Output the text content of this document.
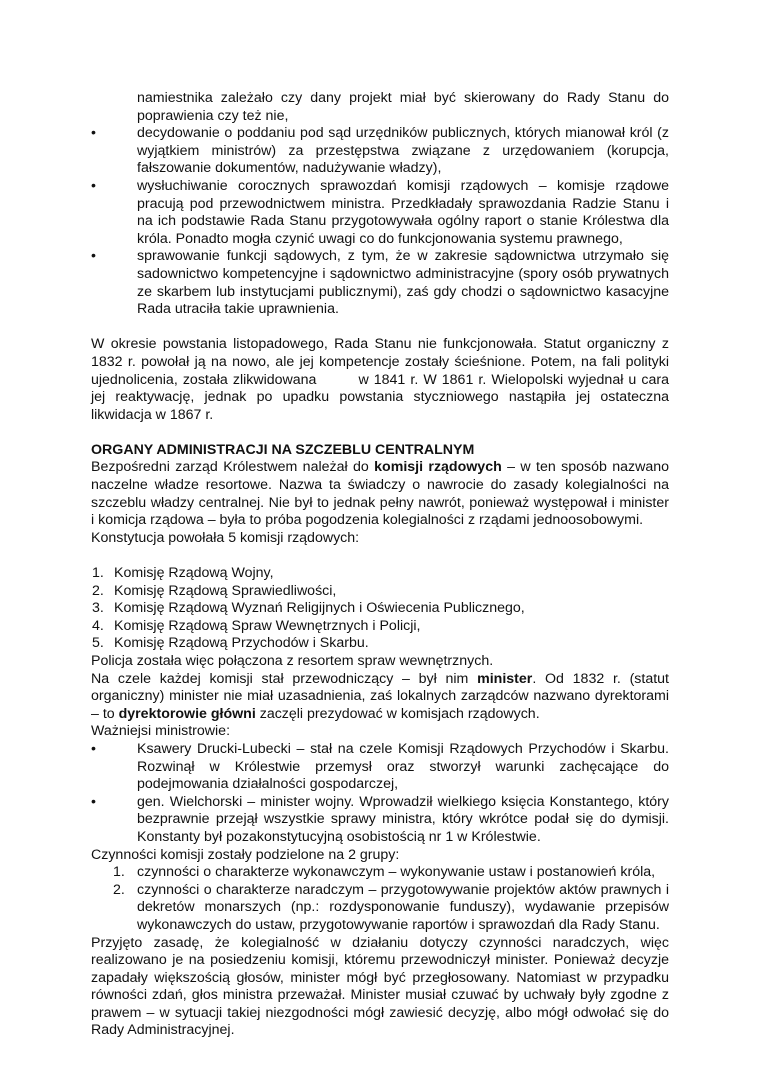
namiestnika zależało czy dany projekt miał być skierowany do Rady Stanu do poprawienia czy też nie,
•	decydowanie o poddaniu pod sąd urzędników publicznych, których mianował król (z wyjątkiem ministrów) za przestępstwa związane z urzędowaniem (korupcja, fałszowanie dokumentów, nadużywanie władzy),
•	wysłuchiwanie corocznych sprawozdań komisji rządowych – komisje rządowe pracują pod przewodnictwem ministra. Przedkładały sprawozdania Radzie Stanu i na ich podstawie Rada Stanu przygotowywała ogólny raport o stanie Królestwa dla króla. Ponadto mogła czynić uwagi co do funkcjonowania systemu prawnego,
•	sprawowanie funkcji sądowych, z tym, że w zakresie sądownictwa utrzymało się sadownictwo kompetencyjne i sądownictwo administracyjne (spory osób prywatnych ze skarbem lub instytucjami publicznymi), zaś gdy chodzi o sądownictwo kasacyjne Rada utraciła takie uprawnienia.

W okresie powstania listopadowego, Rada Stanu nie funkcjonowała. Statut organiczny z 1832 r. powołał ją na nowo, ale jej kompetencje zostały ścieśnione. Potem, na fali polityki ujednolicenia, została zlikwidowana	w 1841 r. W 1861 r. Wielopolski wyjednał u cara jej reaktywację, jednak po upadku powstania styczniowego nastąpiła jej ostateczna likwidacja w 1867 r.

ORGANY ADMINISTRACJI NA SZCZEBLU CENTRALNYM

Bezpośredni zarząd Królestwem należał do komisji rządowych – w ten sposób nazwano naczelne władze resortowe. Nazwa ta świadczy o nawrocie do zasady kolegialności na szczeblu władzy centralnej. Nie był to jednak pełny nawrót, ponieważ występował i minister i komicja rządowa – była to próba pogodzenia kolegialności z rządami jednoosobowymi.

Konstytucja powołała 5 komisji rządowych:

1. Komisję Rządową Wojny,
2. Komisję Rządową Sprawiedliwości,
3. Komisję Rządową Wyznań Religijnych i Oświecenia Publicznego,
4. Komisję Rządową Spraw Wewnętrznych i Policji,
5. Komisję Rządową Przychodów i Skarbu.

Policja została więc połączona z resortem spraw wewnętrznych.

Na czele każdej komisji stał przewodniczący – był nim minister. Od 1832 r. (statut organiczny) minister nie miał uzasadnienia, zaś lokalnych zarządców nazwano dyrektorami – to dyrektorowie główni zaczęli prezydować w komisjach rządowych.

Ważniejsi ministrowie:

•	Ksawery Drucki-Lubecki – stał na czele Komisji Rządowych Przychodów i Skarbu. Rozwinął w Królestwie przemysł oraz stworzył warunki zachęcające do podejmowania działalności gospodarczej,
•	gen. Wielchorski – minister wojny. Wprowadził wielkiego księcia Konstantego, który bezprawnie przejął wszystkie sprawy ministra, który wkrótce podał się do dymisji. Konstanty był pozakonstytucyjną osobistością nr 1 w Królestwie.

Czynności komisji zostały podzielone na 2 grupy:

1. czynności o charakterze wykonawczym – wykonywanie ustaw i postanowień króla,
2. czynności o charakterze naradczym – przygotowywanie projektów aktów prawnych i dekretów monarszych (np.: rozdysponowanie funduszy), wydawanie przepisów wykonawczych do ustaw, przygotowywanie raportów i sprawozdań dla Rady Stanu.

Przyjęto zasadę, że kolegialność w działaniu dotyczy czynności naradczych, więc realizowano je na posiedzeniu komisji, któremu przewodniczył minister. Ponieważ decyzje zapadały większością głosów, minister mógł być przegłosowany. Natomiast w przypadku równości zdań, głos ministra przeważał. Minister musiał czuwać by uchwały były zgodne z prawem – w sytuacji takiej niezgodności mógł zawiesić decyzję, albo mógł odwołać się do Rady Administracyjnej.
